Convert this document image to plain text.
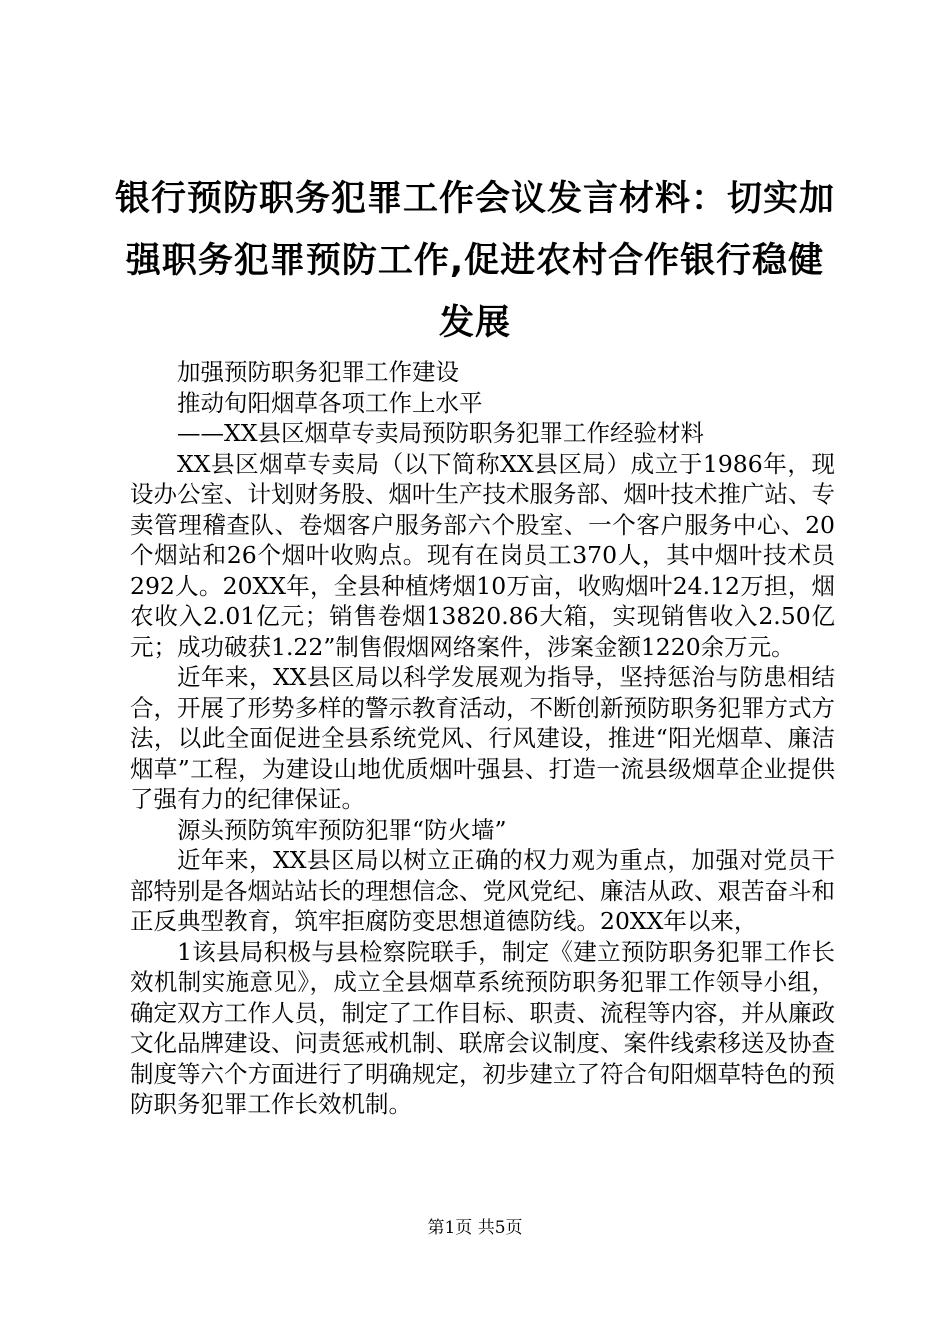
银行预防职务犯罪工作会议发言材料：切实加
强职务犯罪预防工作,促进农村合作银行稳健
发展

加强预防职务犯罪工作建设

推动旬阳烟草各项工作上水平

——XX县区烟草专卖局预防职务犯罪工作经验材料

XX县区烟草专卖局（以下简称XX县区局）成立于1986年，现设办公室、计划财务股、烟叶生产技术服务部、烟叶技术推广站、专卖管理稽查队、卷烟客户服务部六个股室、一个客户服务中心、20个烟站和26个烟叶收购点。现有在岗员工370人，其中烟叶技术员292人。20XX年，全县种植烤烟10万亩，收购烟叶24.12万担，烟农收入2.01亿元；销售卷烟13820.86大箱，实现销售收入2.50亿元；成功破获1.22”制售假烟网络案件，涉案金额1220余万元。

近年来，XX县区局以科学发展观为指导，坚持惩治与防患相结合，开展了形势多样的警示教育活动，不断创新预防职务犯罪方式方法，以此全面促进全县系统党风、行风建设，推进“阳光烟草、廉洁烟草”工程，为建设山地优质烟叶强县、打造一流县级烟草企业提供了强有力的纪律保证。

源头预防筑牢预防犯罪“防火墙”

近年来，XX县区局以树立正确的权力观为重点，加强对党员干部特别是各烟站站长的理想信念、党风党纪、廉洁从政、艰苦奋斗和正反典型教育，筑牢拒腐防变思想道德防线。20XX年以来，

1该县局积极与县检察院联手，制定《建立预防职务犯罪工作长效机制实施意见》，成立全县烟草系统预防职务犯罪工作领导小组，确定双方工作人员，制定了工作目标、职责、流程等内容，并从廉政文化品牌建设、问责惩戒机制、联席会议制度、案件线索移送及协查制度等六个方面进行了明确规定，初步建立了符合旬阳烟草特色的预防职务犯罪工作长效机制。

第1页 共5页
